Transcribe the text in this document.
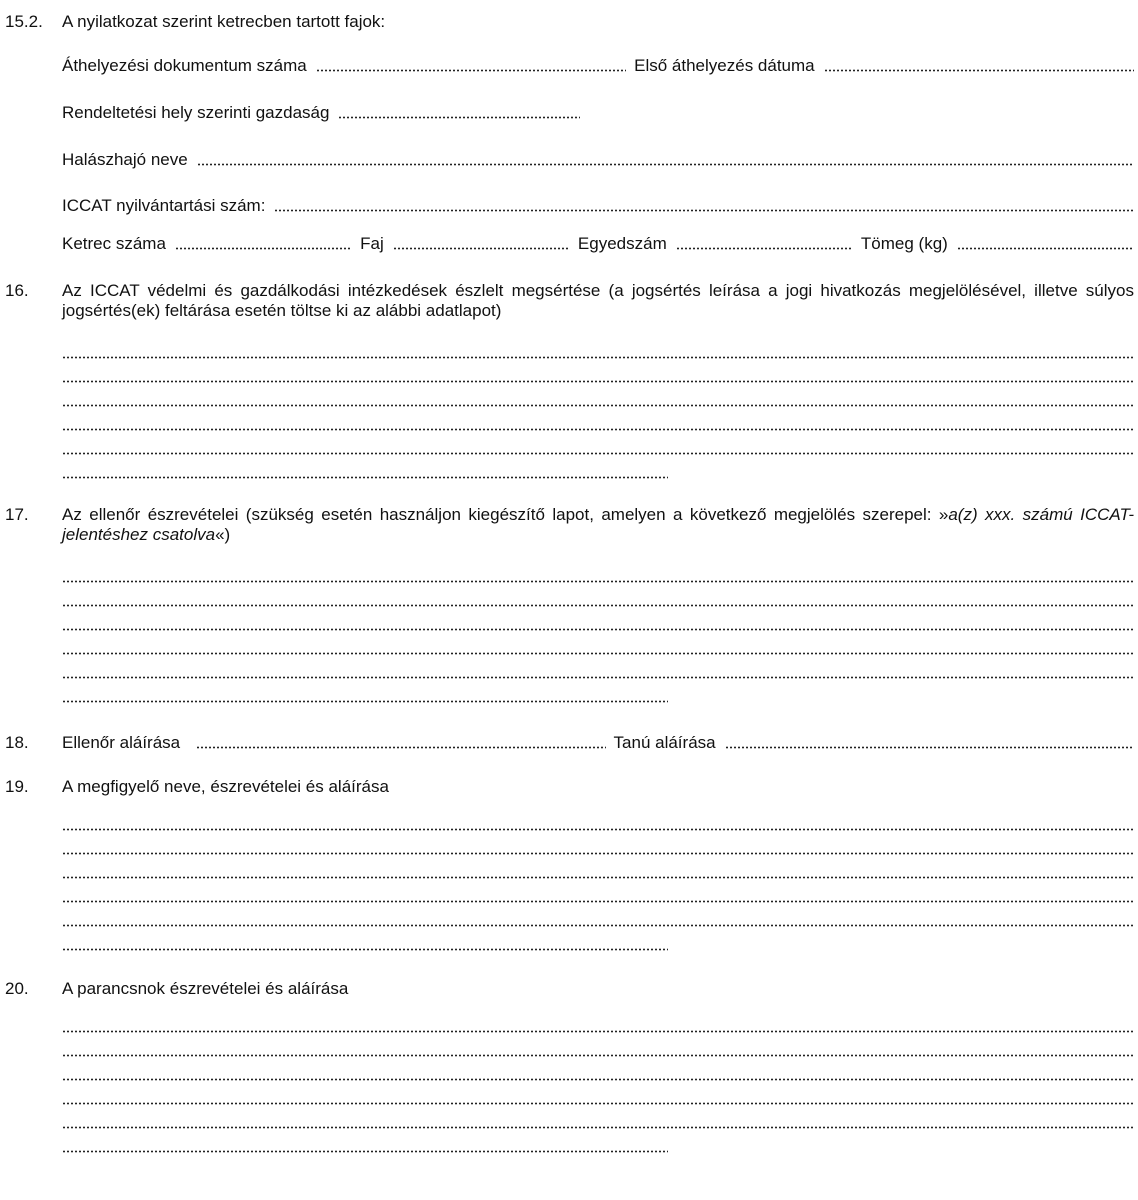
15.2. A nyilatkozat szerint ketrecben tartott fajok:
Áthelyezési dokumentum száma	Első áthelyezés dátuma
Rendeltetési hely szerinti gazdaság
Halászhajó neve
ICCAT nyilvántartási szám:
Ketrec száma	Faj	Egyedszám	Tömeg (kg)
16. Az ICCAT védelmi és gazdálkodási intézkedések észlelt megsértése (a jogsértés leírása a jogi hivatkozás megjelölésével, illetve súlyos jogsértés(ek) feltárása esetén töltse ki az alábbi adatlapot)

17. Az ellenőr észrevételei (szükség esetén használjon kiegészítő lapot, amelyen a következő megjelölés szerepel: »a(z) xxx. számú ICCAT-jelentéshez csatolva«)

18. Ellenőr aláírása	Tanú aláírása
19. A megfigyelő neve, észrevételei és aláírása
20. A parancsnok észrevételei és aláírása
